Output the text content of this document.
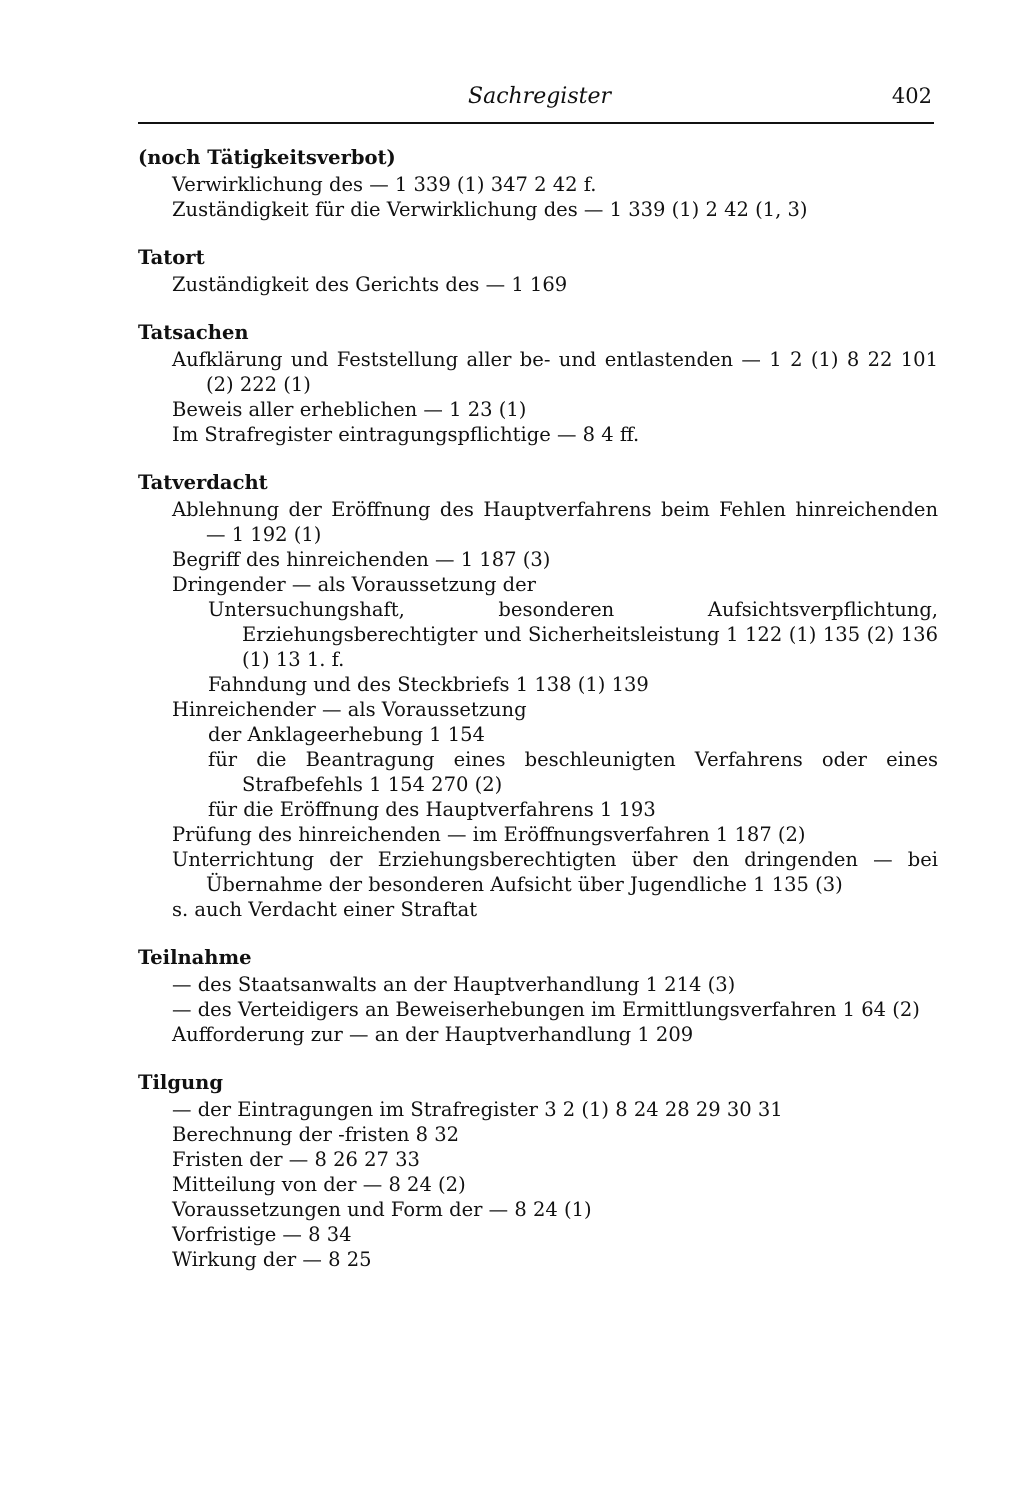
Sachregister	402
(noch Tätigkeitsverbot)
Verwirklichung des — 1 339 (1) 347 2 42 f.
Zuständigkeit für die Verwirklichung des — 1 339 (1) 2 42 (1, 3)
Tatort
Zuständigkeit des Gerichts des — 1 169
Tatsachen
Aufklärung und Feststellung aller be- und entlastenden — 1 2 (1) 8 22 101 (2) 222 (1)
Beweis aller erheblichen — 1 23 (1)
Im Strafregister eintragungspflichtige — 8 4 ff.
Tatverdacht
Ablehnung der Eröffnung des Hauptverfahrens beim Fehlen hinreichenden — 1 192 (1)
Begriff des hinreichenden — 1 187 (3)
Dringender — als Voraussetzung der
Untersuchungshaft, besonderen Aufsichtsverpflichtung, Erziehungsberechtigter und Sicherheitsleistung 1 122 (1) 135 (2) 136 (1) 13 1. f.
Fahndung und des Steckbriefs 1 138 (1) 139
Hinreichender — als Voraussetzung
der Anklageerhebung 1 154
für die Beantragung eines beschleunigten Verfahrens oder eines Strafbefehls 1 154 270 (2)
für die Eröffnung des Hauptverfahrens 1 193
Prüfung des hinreichenden — im Eröffnungsverfahren 1 187 (2)
Unterrichtung der Erziehungsberechtigten über den dringenden — bei Übernahme der besonderen Aufsicht über Jugendliche 1 135 (3)
s. auch Verdacht einer Straftat
Teilnahme
— des Staatsanwalts an der Hauptverhandlung 1 214 (3)
— des Verteidigers an Beweiserhebungen im Ermittlungsverfahren 1 64 (2)
Aufforderung zur — an der Hauptverhandlung 1 209
Tilgung
— der Eintragungen im Strafregister 3 2 (1) 8 24 28 29 30 31
Berechnung der -fristen 8 32
Fristen der — 8 26 27 33
Mitteilung von der — 8 24 (2)
Voraussetzungen und Form der — 8 24 (1)
Vorfristige — 8 34
Wirkung der — 8 25
